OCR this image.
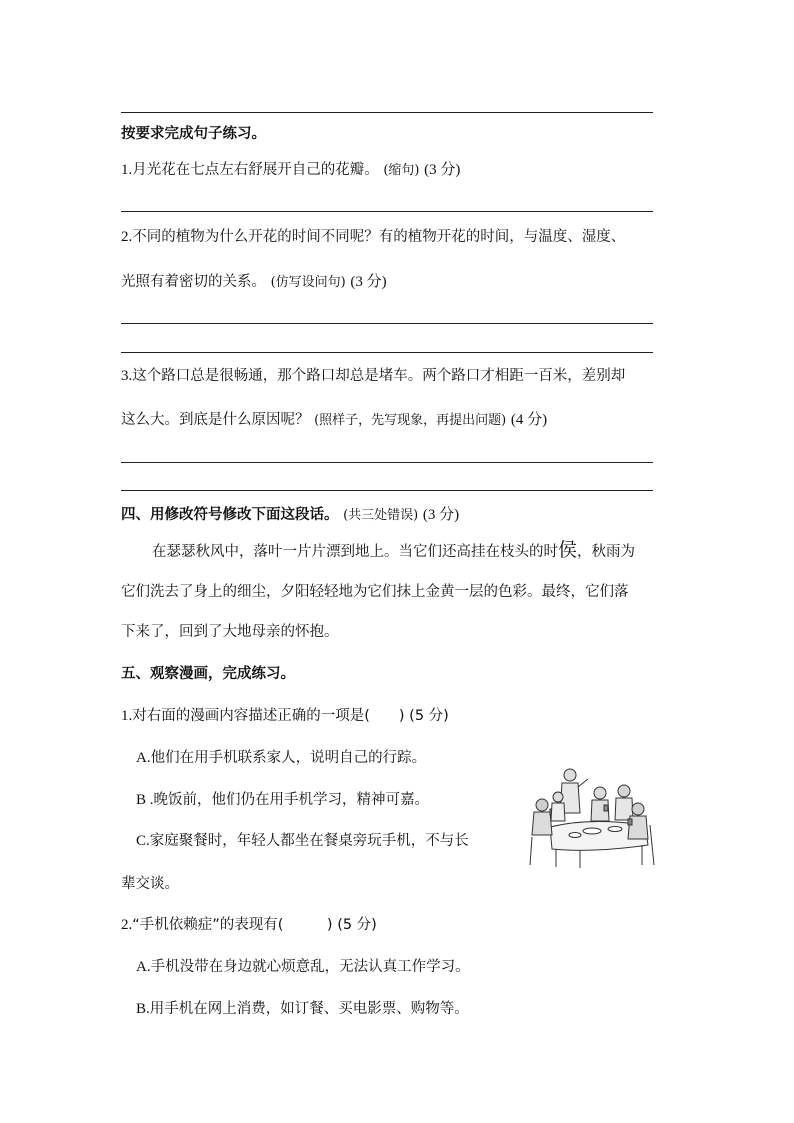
按要求完成句子练习。
1.月光花在七点左右舒展开自己的花瓣。 (缩句) (3 分)
2.不同的植物为什么开花的时间不同呢？有的植物开花的时间，与温度、湿度、
光照有着密切的关系。 (仿写设问句) (3 分)
3.这个路口总是很畅通，那个路口却总是堵车。两个路口才相距一百米，差别却
这么大。到底是什么原因呢？ (照样子，先写现象，再提出问题) (4 分)
四、用修改符号修改下面这段话。 (共三处错误) (3 分)
在瑟瑟秋风中，落叶一片片漂到地上。当它们还高挂在枝头的时侯，秋雨为
它们洗去了身上的细尘，夕阳轻轻地为它们抹上金黄一层的色彩。最终，它们落
下来了，回到了大地母亲的怀抱。
五、观察漫画，完成练习。
1.对右面的漫画内容描述正确的一项是(　　) (5 分)
A.他们在用手机联系家人，说明自己的行踪。
B .晚饭前，他们仍在用手机学习，精神可嘉。
C.家庭聚餐时，年轻人都坐在餐桌旁玩手机，不与长
辈交谈。
2.“手机依赖症”的表现有(　　　) (5 分)
A.手机没带在身边就心烦意乱，无法认真工作学习。
B.用手机在网上消费，如订餐、买电影票、购物等。
